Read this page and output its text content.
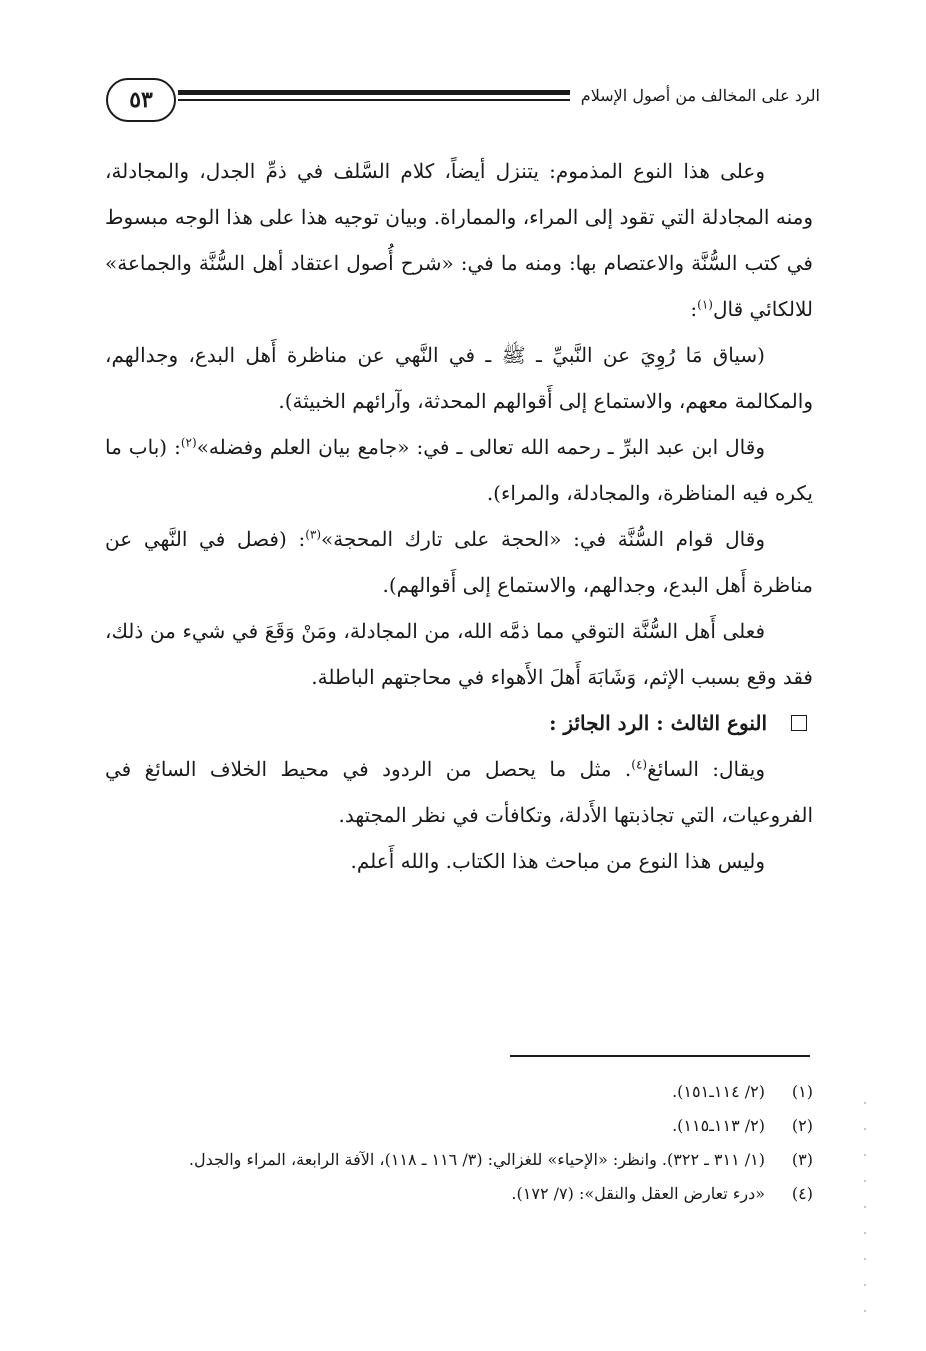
٥٣	الرد على المخالف من أصول الإسلام

وعلى هذا النوع المذموم: يتنزل أيضاً، كلام السَّلف في ذمِّ الجدل، والمجادلة، ومنه المجادلة التي تقود إلى المراء، والمماراة. وبيان توجيه هذا على هذا الوجه مبسوط في كتب السُّنَّة والاعتصام بها: ومنه ما في: «شرح أُصول اعتقاد أهل السُّنَّة والجماعة» للالكائي قال$^{(١)}$:

(سياق مَا رُوِيَ عن النَّبيِّ ـ ﷺ ـ في النَّهي عن مناظرة أَهل البدع، وجدالهم، والمكالمة معهم، والاستماع إلى أَقوالهم المحدثة، وآرائهم الخبيثة).

وقال ابن عبد البرِّ ـ رحمه الله تعالى ـ في: «جامع بيان العلم وفضله»$^{(٢)}$: (باب ما يكره فيه المناظرة، والمجادلة، والمراء).

وقال قوام السُّنَّة في: «الحجة على تارك المحجة»$^{(٣)}$: (فصل في النَّهي عن مناظرة أَهل البدع، وجدالهم، والاستماع إلى أَقوالهم).

فعلى أَهل السُّنَّة التوقي مما ذمَّه الله، من المجادلة، ومَنْ وَقَعَ في شيء من ذلك، فقد وقع بسبب الإثم، وَشَابَهَ أَهلَ الأَهواء في محاجتهم الباطلة.

النوع الثالث : الرد الجائز :

ويقال: السائغ$^{(٤)}$. مثل ما يحصل من الردود في محيط الخلاف السائغ في الفروعيات، التي تجاذبتها الأَدلة، وتكافأت في نظر المجتهد.

وليس هذا النوع من مباحث هذا الكتاب. والله أَعلم.

(١)
(٢/ ١١٤ـ١٥١).

(٢)
(٢/ ١١٣ـ١١٥).

(٣)
(١/ ٣١١ ـ ٣٢٢). وانظر: «الإحياء» للغزالي: (٣/ ١١٦ ـ ١١٨)، الآفة الرابعة، المراء والجدل.

(٤)
«درء تعارض العقل والنقل»: (٧/ ١٧٢).
